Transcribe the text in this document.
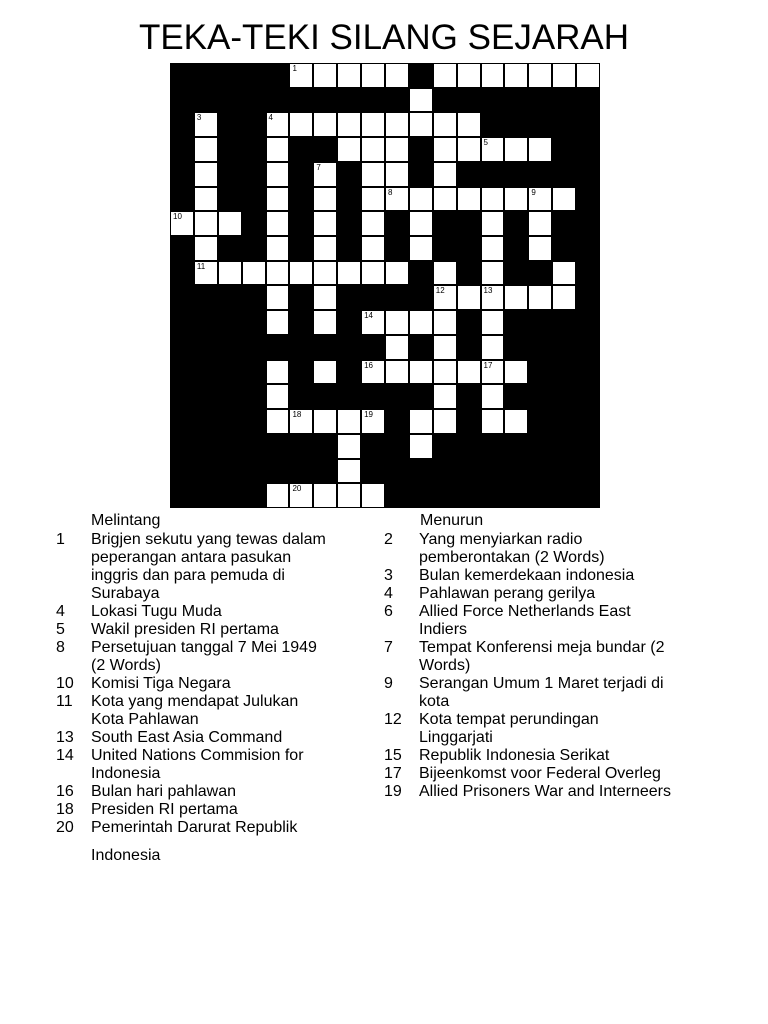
TEKA-TEKI SILANG SEJARAH
1	2
3	4
5	6
7
8	9
10
11
12	13
14
15	16	17
18	19
20
Melintang
1	Brigjen sekutu yang tewas dalam peperangan antara pasukan inggris dan para pemuda di Surabaya
4	Lokasi Tugu Muda
5	Wakil presiden RI pertama
8	Persetujuan tanggal 7 Mei 1949 (2 Words)
10	Komisi Tiga Negara
11	Kota yang mendapat Julukan Kota Pahlawan
13	South East Asia Command
14	United Nations Commision for Indonesia
16	Bulan hari pahlawan
18	Presiden RI pertama
20	Pemerintah Darurat Republik
Indonesia
Menurun
2	Yang menyiarkan radio pemberontakan (2 Words)
3	Bulan kemerdekaan indonesia
4	Pahlawan perang gerilya
6	Allied Force Netherlands East Indiers
7	Tempat Konferensi meja bundar (2 Words)
9	Serangan Umum 1 Maret terjadi di kota
12	Kota tempat perundingan Linggarjati
15	Republik Indonesia Serikat
17	Bijeenkomst voor Federal Overleg
19	Allied Prisoners War and Interneers
